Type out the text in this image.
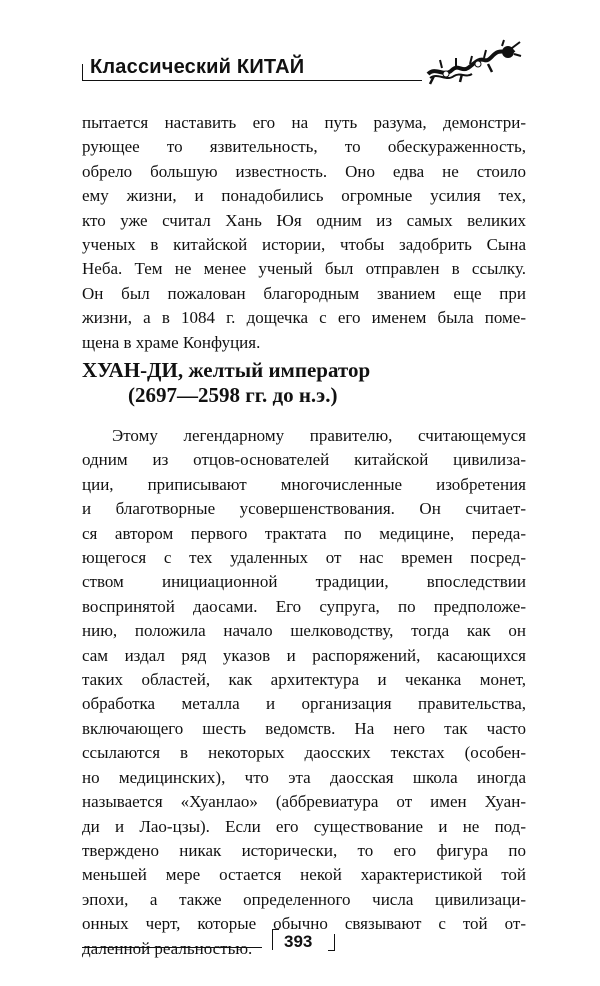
Классический КИТАЙ
пытается наставить его на путь разума, демонстри-
рующее то язвительность, то обескураженность,
обрело большую известность. Оно едва не стоило
ему жизни, и понадобились огромные усилия тех,
кто уже считал Хань Юя одним из самых великих
ученых в китайской истории, чтобы задобрить Сына
Неба. Тем не менее ученый был отправлен в ссылку.
Он был пожалован благородным званием еще при
жизни, а в 1084 г. дощечка с его именем была поме-
щена в храме Конфуция.
ХУАН-ДИ, желтый император
(2697—2598 гг. до н.э.)
Этому легендарному правителю, считающемуся
одним из отцов-основателей китайской цивилиза-
ции, приписывают многочисленные изобретения
и благотворные усовершенствования. Он считает-
ся автором первого трактата по медицине, переда-
ющегося с тех удаленных от нас времен посред-
ством инициационной традиции, впоследствии
воспринятой даосами. Его супруга, по предположе-
нию, положила начало шелководству, тогда как он
сам издал ряд указов и распоряжений, касающихся
таких областей, как архитектура и чеканка монет,
обработка металла и организация правительства,
включающего шесть ведомств. На него так часто
ссылаются в некоторых даосских текстах (особен-
но медицинских), что эта даосская школа иногда
называется «Хуанлао» (аббревиатура от имен Хуан-
ди и Лао-цзы). Если его существование и не под-
тверждено никак исторически, то его фигура по
меньшей мере остается некой характеристикой той
эпохи, а также определенного числа цивилизаци-
онных черт, которые обычно связывают с той от-
даленной реальностью.	393
